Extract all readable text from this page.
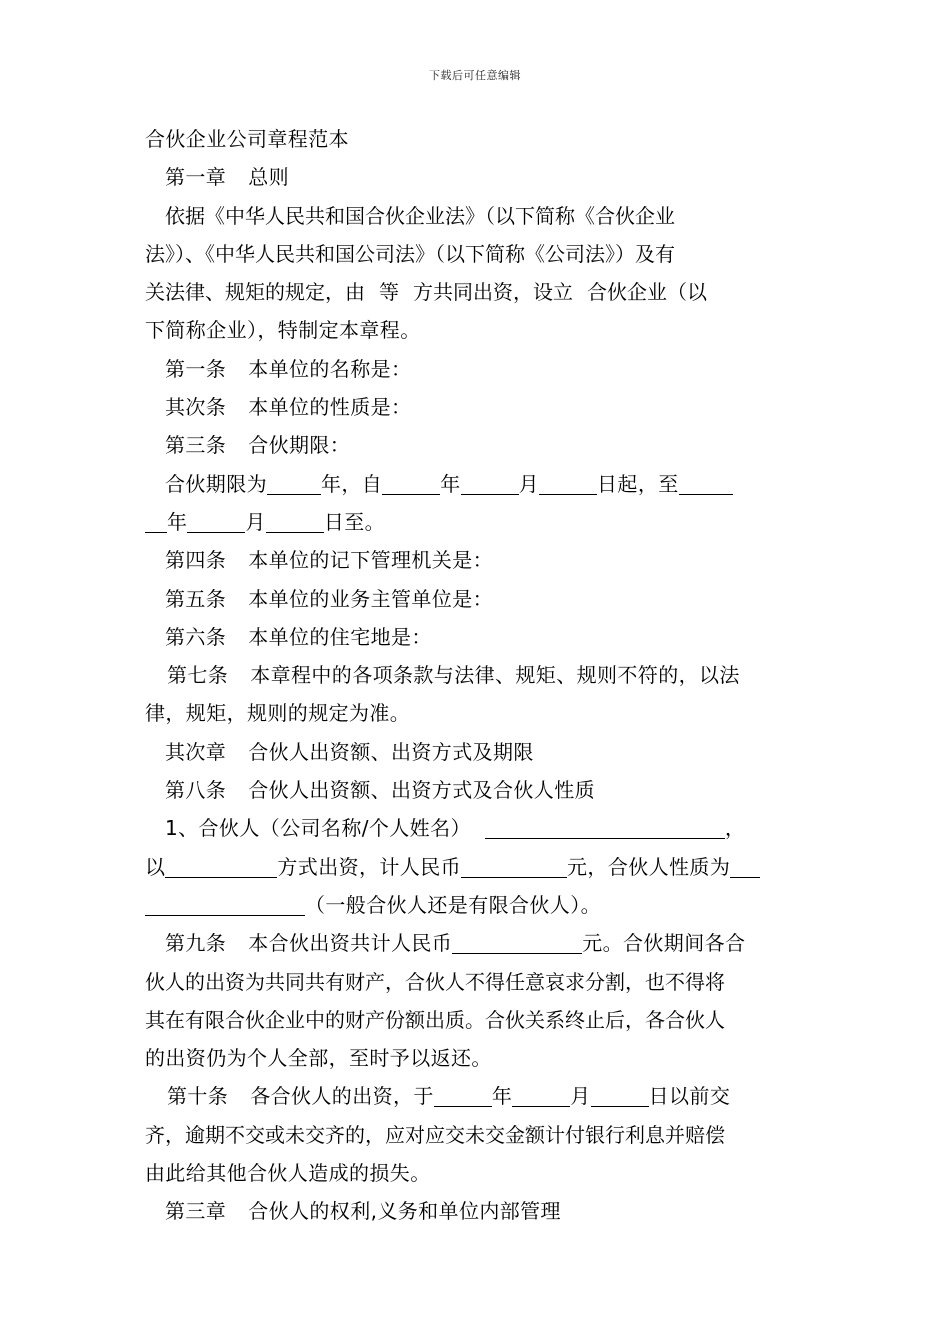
下载后可任意编辑
合伙企业公司章程范本
第一章 总则
依据《中华人民共和国合伙企业法》（以下简称《合伙企业
法》）、《中华人民共和国公司法》（以下简称《公司法》）及有
关法律、规矩的规定，由 等 方共同出资，设立 合伙企业（以
下简称企业），特制定本章程。
第一条 本单位的名称是：
其次条 本单位的性质是：
第三条 合伙期限：
合伙期限为	年，自	年	月	日起，至
年	月	日至。
第四条 本单位的记下管理机关是：
第五条 本单位的业务主管单位是：
第六条 本单位的住宅地是：
第七条 本章程中的各项条款与法律、规矩、规则不符的，以法
律，规矩，规则的规定为准。
其次章 合伙人出资额、出资方式及期限
第八条 合伙人出资额、出资方式及合伙人性质
1、合伙人（公司名称/个人姓名）	，
以	方式出资，计人民币	元，合伙人性质为
（一般合伙人还是有限合伙人）。
第九条 本合伙出资共计人民币	元。合伙期间各合
伙人的出资为共同共有财产，合伙人不得任意哀求分割，也不得将
其在有限合伙企业中的财产份额出质。合伙关系终止后，各合伙人
的出资仍为个人全部，至时予以返还。
第十条 各合伙人的出资，于	年	月	日以前交
齐，逾期不交或未交齐的，应对应交未交金额计付银行利息并赔偿
由此给其他合伙人造成的损失。
第三章 合伙人的权利,义务和单位内部管理
